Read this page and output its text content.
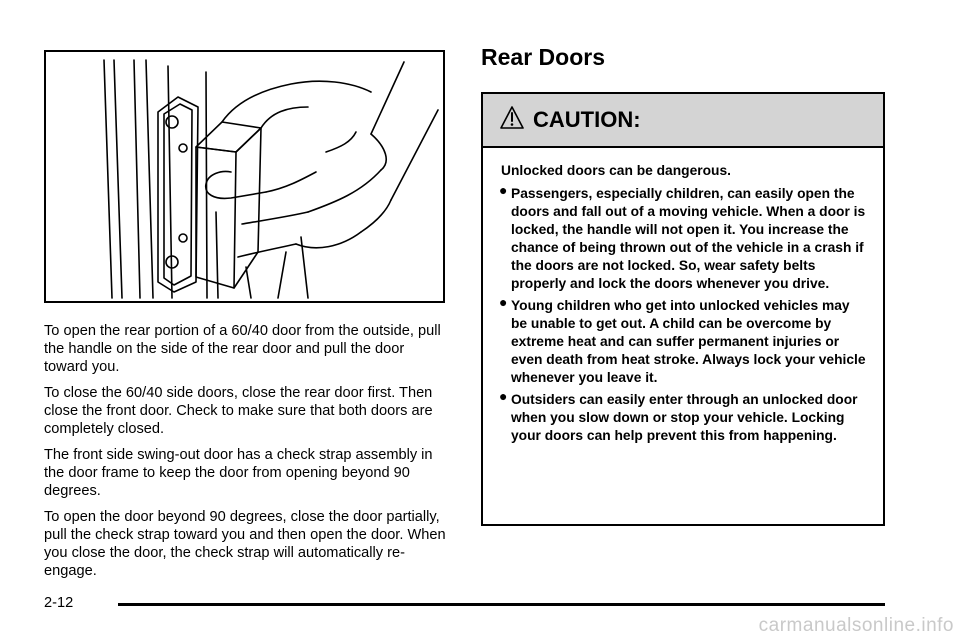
To open the rear portion of a 60/40 door from the outside, pull the handle on the side of the rear door and pull the door toward you.

To close the 60/40 side doors, close the rear door first. Then close the front door. Check to make sure that both doors are completely closed.

The front side swing-out door has a check strap assembly in the door frame to keep the door from opening beyond 90 degrees.

To open the door beyond 90 degrees, close the door partially, pull the check strap toward you and then open the door. When you close the door, the check strap will automatically re-engage.

Rear Doors
CAUTION:

Unlocked doors can be dangerous.

● Passengers, especially children, can easily open the doors and fall out of a moving vehicle. When a door is locked, the handle will not open it. You increase the chance of being thrown out of the vehicle in a crash if the doors are not locked. So, wear safety belts properly and lock the doors whenever you drive.
● Young children who get into unlocked vehicles may be unable to get out. A child can be overcome by extreme heat and can suffer permanent injuries or even death from heat stroke. Always lock your vehicle whenever you leave it.
● Outsiders can easily enter through an unlocked door when you slow down or stop your vehicle. Locking your doors can help prevent this from happening.
2-12
carmanualsonline.info
